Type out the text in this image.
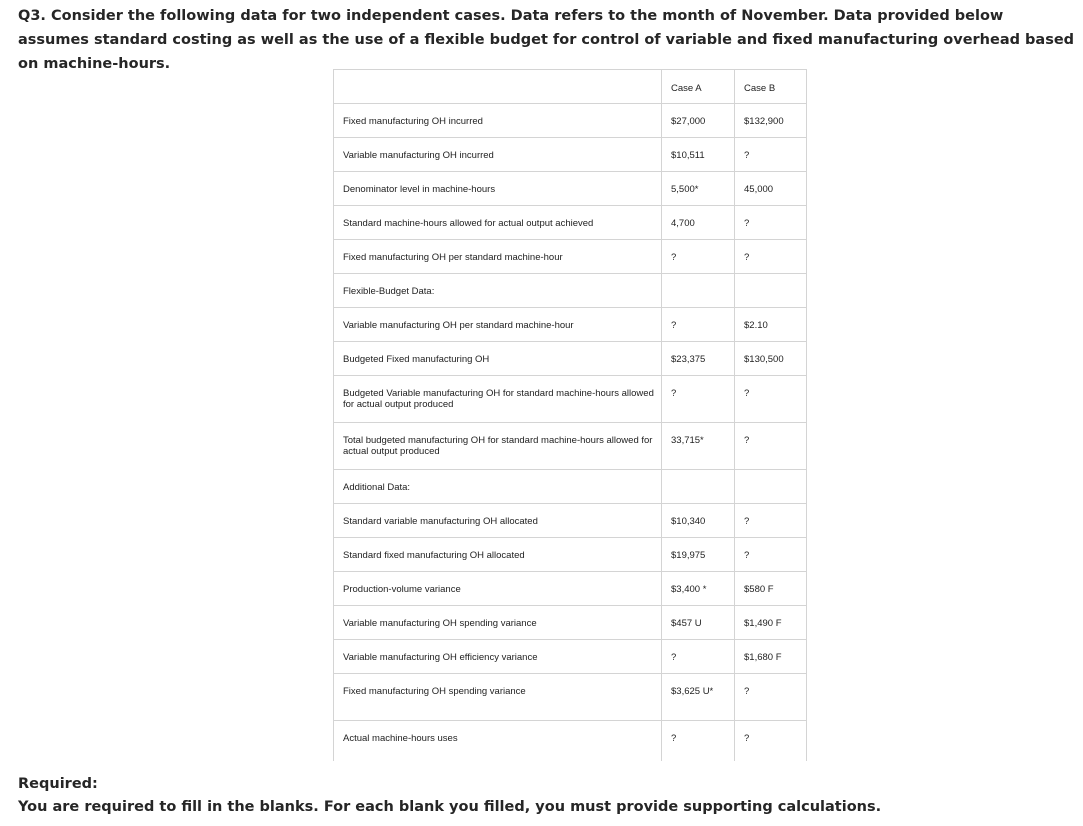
Q3. Consider the following data for two independent cases. Data refers to the month of November. Data provided below assumes standard costing as well as the use of a flexible budget for control of variable and fixed manufacturing overhead based on machine-hours.
	Case A	Case B
Fixed manufacturing OH incurred	$27,000	$132,900
Variable manufacturing OH incurred	$10,511	?
Denominator level in machine-hours	5,500*	45,000
Standard machine-hours allowed for actual output achieved	4,700	?
Fixed manufacturing OH per standard machine-hour	?	?
Flexible-Budget Data:		
Variable manufacturing OH per standard machine-hour	?	$2.10
Budgeted Fixed manufacturing OH	$23,375	$130,500
Budgeted Variable manufacturing OH for standard machine-hours allowed for actual output produced	?	?
Total budgeted manufacturing OH for standard machine-hours allowed for actual output produced	33,715*	?
Additional Data:		
Standard variable manufacturing OH allocated	$10,340	?
Standard fixed manufacturing OH allocated	$19,975	?
Production-volume variance	$3,400 *	$580 F
Variable manufacturing OH spending variance	$457 U	$1,490 F
Variable manufacturing OH efficiency variance	?	$1,680 F
Fixed manufacturing OH spending variance	$3,625 U*	?
Actual machine-hours uses	?	?
Required:
You are required to fill in the blanks. For each blank you filled, you must provide supporting calculations.
